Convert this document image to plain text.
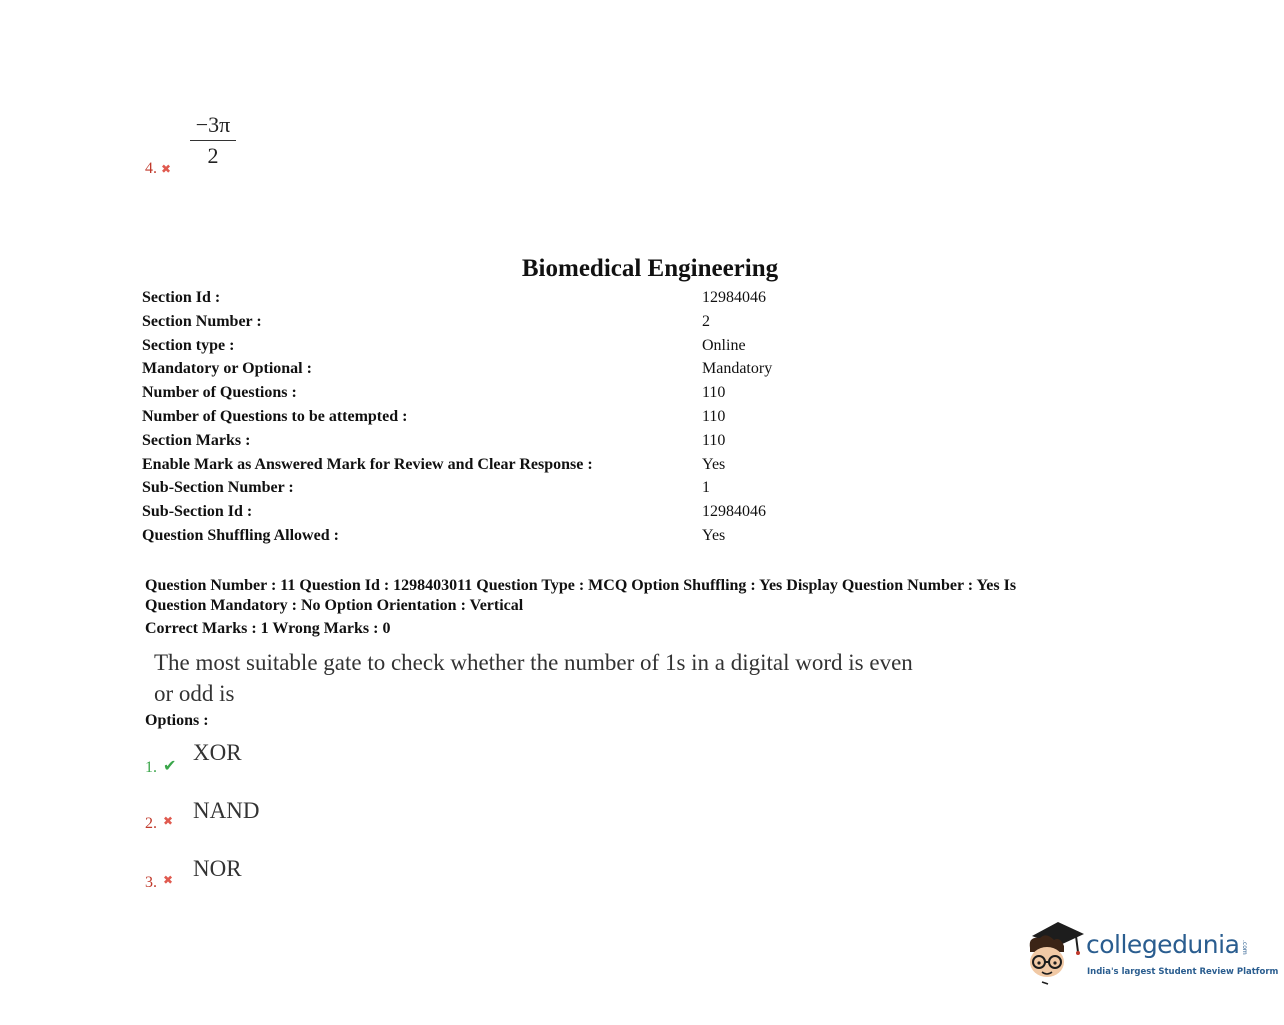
4. ✖ $\frac{-3\pi}{2}$
Biomedical Engineering
Section Id :	12984046
Section Number :	2
Section type :	Online
Mandatory or Optional :	Mandatory
Number of Questions :	110
Number of Questions to be attempted :	110
Section Marks :	110
Enable Mark as Answered Mark for Review and Clear Response :	Yes
Sub-Section Number :	1
Sub-Section Id :	12984046
Question Shuffling Allowed :	Yes
Question Number : 11 Question Id : 1298403011 Question Type : MCQ Option Shuffling : Yes Display Question Number : Yes Is
Question Mandatory : No Option Orientation : Vertical
Correct Marks : 1 Wrong Marks : 0
The most suitable gate to check whether the number of 1s in a digital word is even
or odd is
Options :
1. ✔
XOR
2. ✖ NAND
3. ✖ NOR
collegedunia .com
India's largest Student Review Platform
